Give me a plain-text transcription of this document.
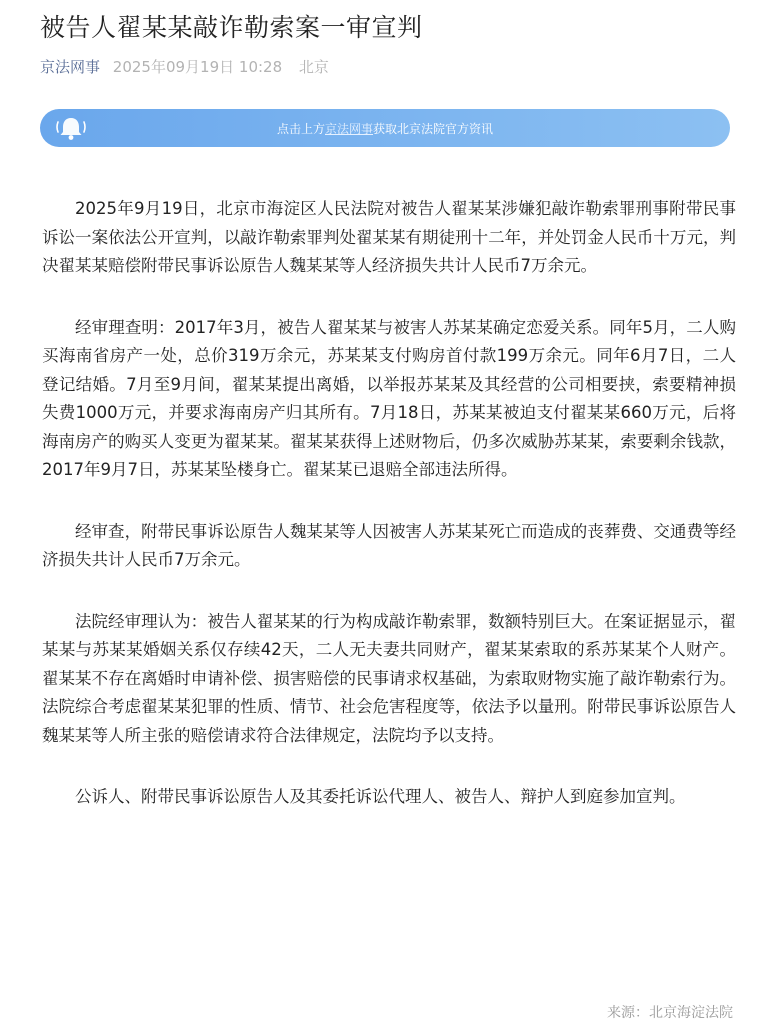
被告人翟某某敲诈勒索案一审宣判
京法网事 2025年09月19日 10:28 北京
点击上方京法网事获取北京法院官方资讯

2025年9月19日，北京市海淀区人民法院对被告人翟某某涉嫌犯敲诈勒索罪刑事附带民事诉讼一案依法公开宣判，以敲诈勒索罪判处翟某某有期徒刑十二年，并处罚金人民币十万元，判决翟某某赔偿附带民事诉讼原告人魏某某等人经济损失共计人民币7万余元。

经审理查明：2017年3月，被告人翟某某与被害人苏某某确定恋爱关系。同年5月，二人购买海南省房产一处，总价319万余元，苏某某支付购房首付款199万余元。同年6月7日，二人登记结婚。7月至9月间，翟某某提出离婚，以举报苏某某及其经营的公司相要挟，索要精神损失费1000万元，并要求海南房产归其所有。7月18日，苏某某被迫支付翟某某660万元，后将海南房产的购买人变更为翟某某。翟某某获得上述财物后，仍多次威胁苏某某，索要剩余钱款，2017年9月7日，苏某某坠楼身亡。翟某某已退赔全部违法所得。

经审查，附带民事诉讼原告人魏某某等人因被害人苏某某死亡而造成的丧葬费、交通费等经济损失共计人民币7万余元。

法院经审理认为：被告人翟某某的行为构成敲诈勒索罪，数额特别巨大。在案证据显示，翟某某与苏某某婚姻关系仅存续42天，二人无夫妻共同财产，翟某某索取的系苏某某个人财产。翟某某不存在离婚时申请补偿、损害赔偿的民事请求权基础，为索取财物实施了敲诈勒索行为。法院综合考虑翟某某犯罪的性质、情节、社会危害程度等，依法予以量刑。附带民事诉讼原告人魏某某等人所主张的赔偿请求符合法律规定，法院均予以支持。

公诉人、附带民事诉讼原告人及其委托诉讼代理人、被告人、辩护人到庭参加宣判。

来源：北京海淀法院
